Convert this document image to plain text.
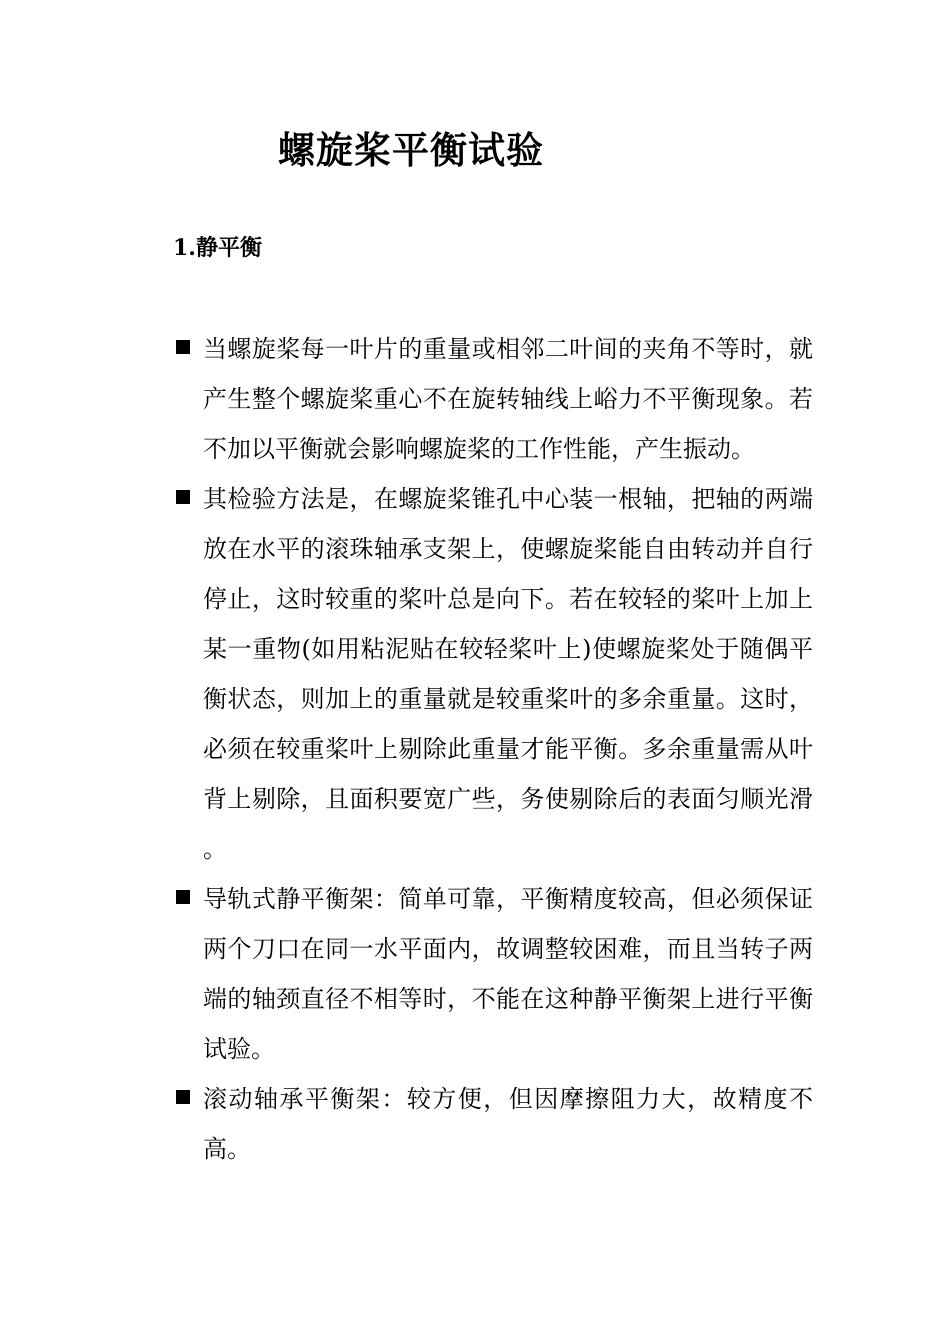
螺旋桨平衡试验
1.静平衡
当螺旋桨每一叶片的重量或相邻二叶间的夹角不等时，就产生整个螺旋桨重心不在旋转轴线上峪力不平衡现象。若不加以平衡就会影响螺旋桨的工作性能，产生振动。
其检验方法是，在螺旋桨锥孔中心装一根轴，把轴的两端放在水平的滚珠轴承支架上，使螺旋桨能自由转动并自行停止，这时较重的桨叶总是向下。若在较轻的桨叶上加上某一重物(如用粘泥贴在较轻桨叶上)使螺旋桨处于随偶平衡状态，则加上的重量就是较重桨叶的多余重量。这时，必须在较重桨叶上剔除此重量才能平衡。多余重量需从叶背上剔除，且面积要宽广些，务使剔除后的表面匀顺光滑 。
导轨式静平衡架：简单可靠，平衡精度较高，但必须保证两个刀口在同一水平面内，故调整较困难，而且当转子两端的轴颈直径不相等时，不能在这种静平衡架上进行平衡试验。
滚动轴承平衡架：较方便，但因摩擦阻力大，故精度不高。
